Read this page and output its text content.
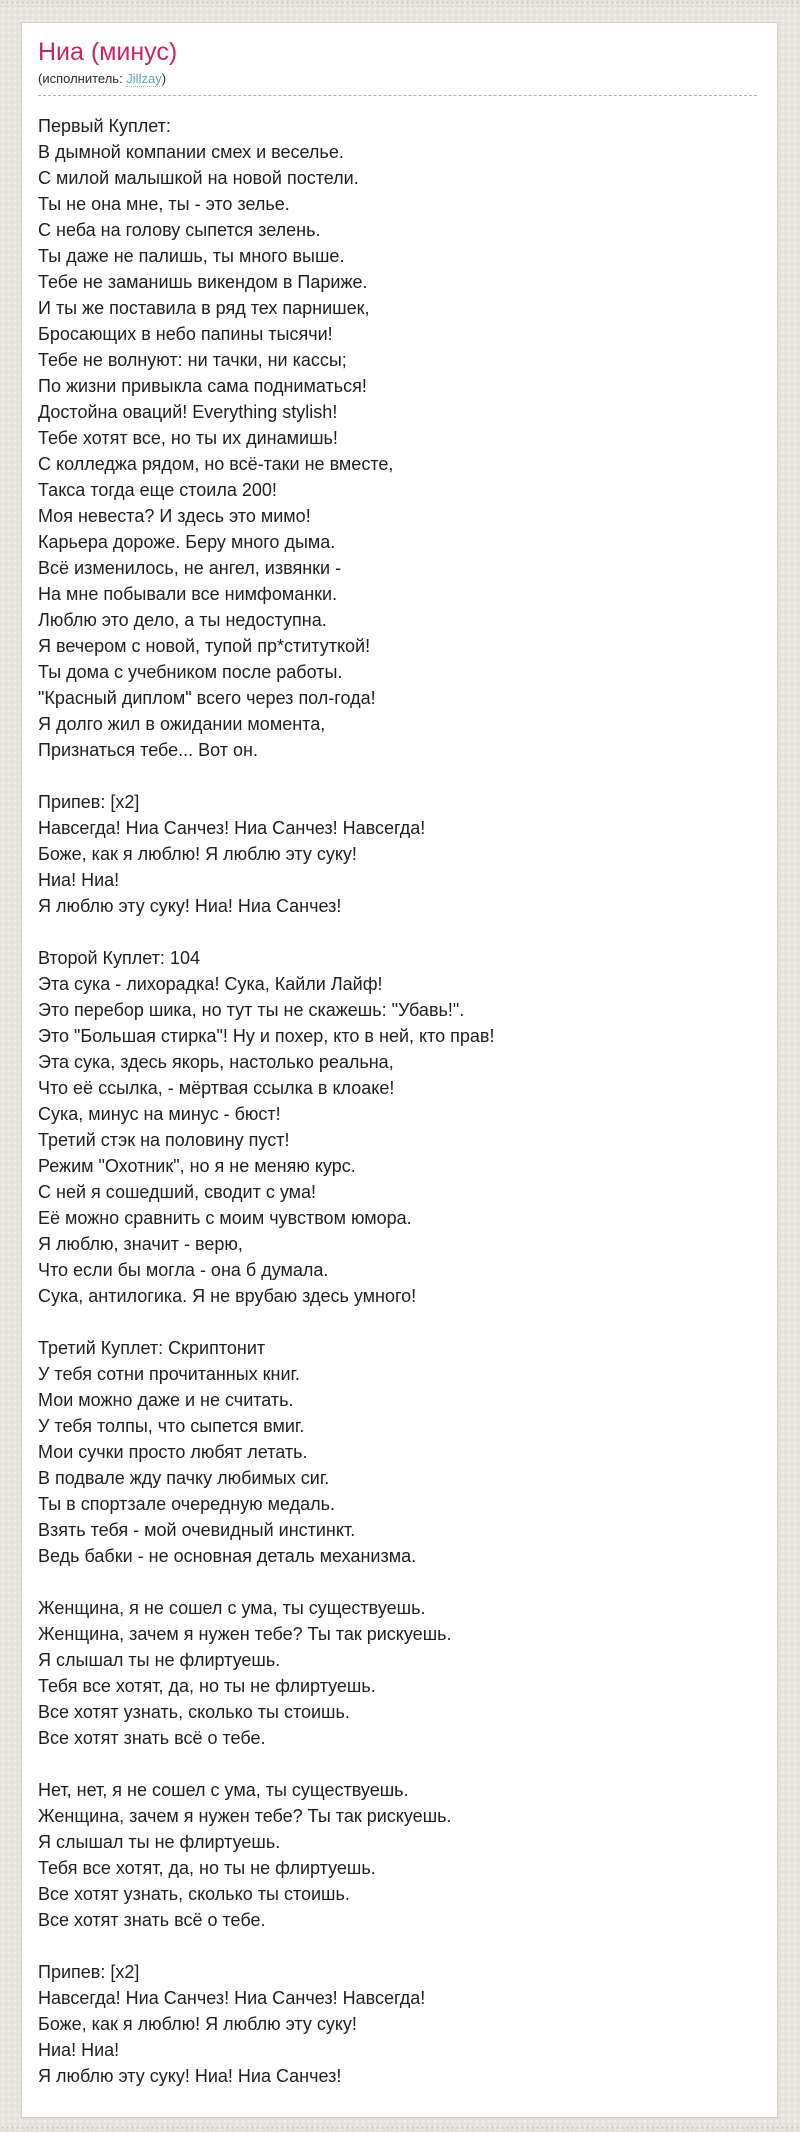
Ниа (минус)
(исполнитель: Jillzay)
Первый Куплет:
В дымной компании смех и веселье.
С милой малышкой на новой постели.
Ты не она мне, ты - это зелье.
С неба на голову сыпется зелень.
Ты даже не палишь, ты много выше.
Тебе не заманишь викендом в Париже.
И ты же поставила в ряд тех парнишек,
Бросающих в небо папины тысячи!
Тебе не волнуют: ни тачки, ни кассы;
По жизни привыкла сама подниматься!
Достойна оваций! Everything stylish!
Тебе хотят все, но ты их динамишь!
С колледжа рядом, но всё-таки не вместе,
Такса тогда еще стоила 200!
Моя невеста? И здесь это мимо!
Карьера дороже. Беру много дыма.
Всё изменилось, не ангел, извянки -
На мне побывали все нимфоманки.
Люблю это дело, а ты недоступна.
Я вечером с новой, тупой пр*ституткой!
Ты дома с учебником после работы.
"Красный диплом" всего через пол-года!
Я долго жил в ожидании момента,
Признаться тебе... Вот он.
Припев: [x2]
Навсегда! Ниа Санчез! Ниа Санчез! Навсегда!
Боже, как я люблю! Я люблю эту суку!
Ниа! Ниа!
Я люблю эту суку! Ниа! Ниа Санчез!
Второй Куплет: 104
Эта сука - лихорадка! Сука, Кайли Лайф!
Это перебор шика, но тут ты не скажешь: "Убавь!".
Это "Большая стирка"! Ну и похер, кто в ней, кто прав!
Эта сука, здесь якорь, настолько реальна,
Что её ссылка, - мёртвая ссылка в клоаке!
Сука, минус на минус - бюст!
Третий стэк на половину пуст!
Режим "Охотник", но я не меняю курс.
С ней я сошедший, сводит с ума!
Её можно сравнить с моим чувством юмора.
Я люблю, значит - верю,
Что если бы могла - она б думала.
Сука, антилогика. Я не врубаю здесь умного!
Третий Куплет: Скриптонит
У тебя сотни прочитанных книг.
Мои можно даже и не считать.
У тебя толпы, что сыпется вмиг.
Мои сучки просто любят летать.
В подвале жду пачку любимых сиг.
Ты в спортзале очередную медаль.
Взять тебя - мой очевидный инстинкт.
Ведь бабки - не основная деталь механизма.
Женщина, я не сошел с ума, ты существуешь.
Женщина, зачем я нужен тебе? Ты так рискуешь.
Я слышал ты не флиртуешь.
Тебя все хотят, да, но ты не флиртуешь.
Все хотят узнать, сколько ты стоишь.
Все хотят знать всё о тебе.
Нет, нет, я не сошел с ума, ты существуешь.
Женщина, зачем я нужен тебе? Ты так рискуешь.
Я слышал ты не флиртуешь.
Тебя все хотят, да, но ты не флиртуешь.
Все хотят узнать, сколько ты стоишь.
Все хотят знать всё о тебе.
Припев: [x2]
Навсегда! Ниа Санчез! Ниа Санчез! Навсегда!
Боже, как я люблю! Я люблю эту суку!
Ниа! Ниа!
Я люблю эту суку! Ниа! Ниа Санчез!
